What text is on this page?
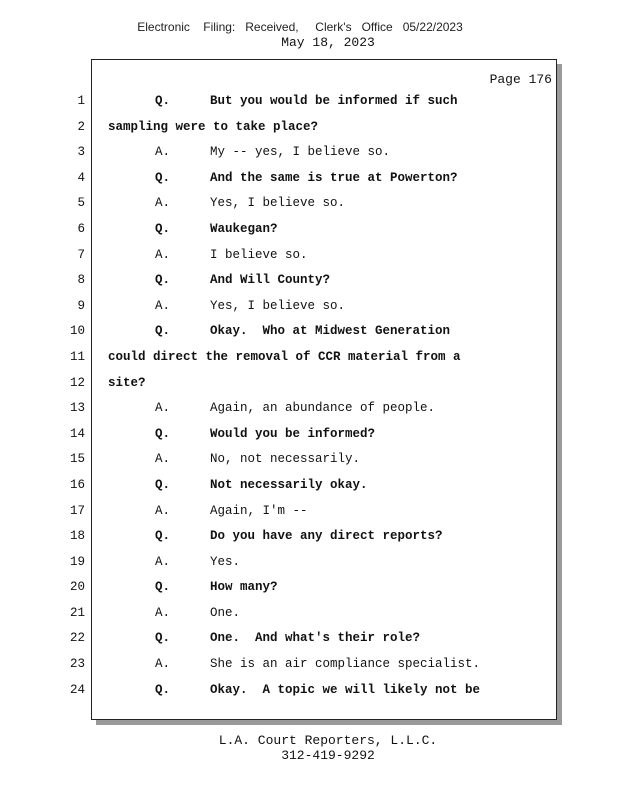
Electronic    Filing:   Received,     Clerk's   Office   05/22/2023
May 18, 2023
Page 176
1	Q.	But you would be informed if such
2 sampling were to take place?
3	A.	My -- yes, I believe so.
4	Q.	And the same is true at Powerton?
5	A.	Yes, I believe so.
6	Q.	Waukegan?
7	A.	I believe so.
8	Q.	And Will County?
9	A.	Yes, I believe so.
10	Q.	Okay.  Who at Midwest Generation
11 could direct the removal of CCR material from a
12 site?
13	A.	Again, an abundance of people.
14	Q.	Would you be informed?
15	A.	No, not necessarily.
16	Q.	Not necessarily okay.
17	A.	Again, I'm --
18	Q.	Do you have any direct reports?
19	A.	Yes.
20	Q.	How many?
21	A.	One.
22	Q.	One.  And what's their role?
23	A.	She is an air compliance specialist.
24	Q.	Okay.  A topic we will likely not be
L.A. Court Reporters, L.L.C.
312-419-9292
